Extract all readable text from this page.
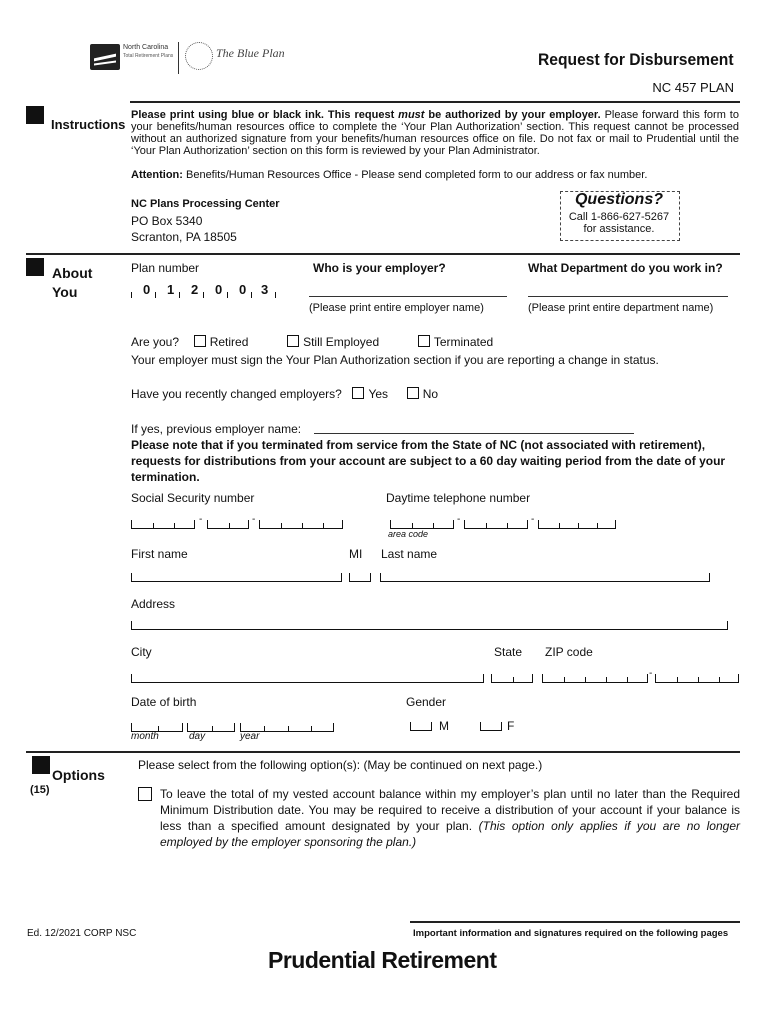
North Carolina
Total Retirement Plans	The Blue Plan	Request for Disbursement
NC 457 PLAN
Instructions
Please print using blue or black ink. This request must be authorized by your employer. Please forward this form to your benefits/human resources office to complete the ‘Your Plan Authorization’ section. This request cannot be processed without an authorized signature from your benefits/human resources office on file. Do not fax or mail to Prudential until the ‘Your Plan Authorization’ section on this form is reviewed by your Plan Administrator.
Attention: Benefits/Human Resources Office - Please send completed form to our address or fax number.
NC Plans Processing Center
PO Box 5340
Scranton, PA 18505
Questions?
Call 1-866-627-5267
for assistance.
About
You
Plan number
0 1 2 0 0 3
Who is your employer?
(Please print entire employer name)
What Department do you work in?
(Please print entire department name)
Are you?	Retired	Still Employed	Terminated
Your employer must sign the Your Plan Authorization section if you are reporting a change in status.
Have you recently changed employers? Yes	No
If yes, previous employer name:
Please note that if you terminated from service from the State of NC (not associated with retirement), requests for distributions from your account are subject to a 60 day waiting period from the date of your termination.
Social Security number
-	-
Daytime telephone number
-	-
area code
First name	MI Last name
Address
City	State ZIP code
-
Date of birth
month	day	year
Gender
M	F
Options
(15)
Please select from the following option(s): (May be continued on next page.)
To leave the total of my vested account balance within my employer’s plan until no later than the Required Minimum Distribution date. You may be required to receive a distribution of your account if your balance is less than a specified amount designated by your plan. (This option only applies if you are no longer employed by the employer sponsoring the plan.)
Ed. 12/2021 CORP NSC	Important information and signatures required on the following pages
Prudential Retirement
